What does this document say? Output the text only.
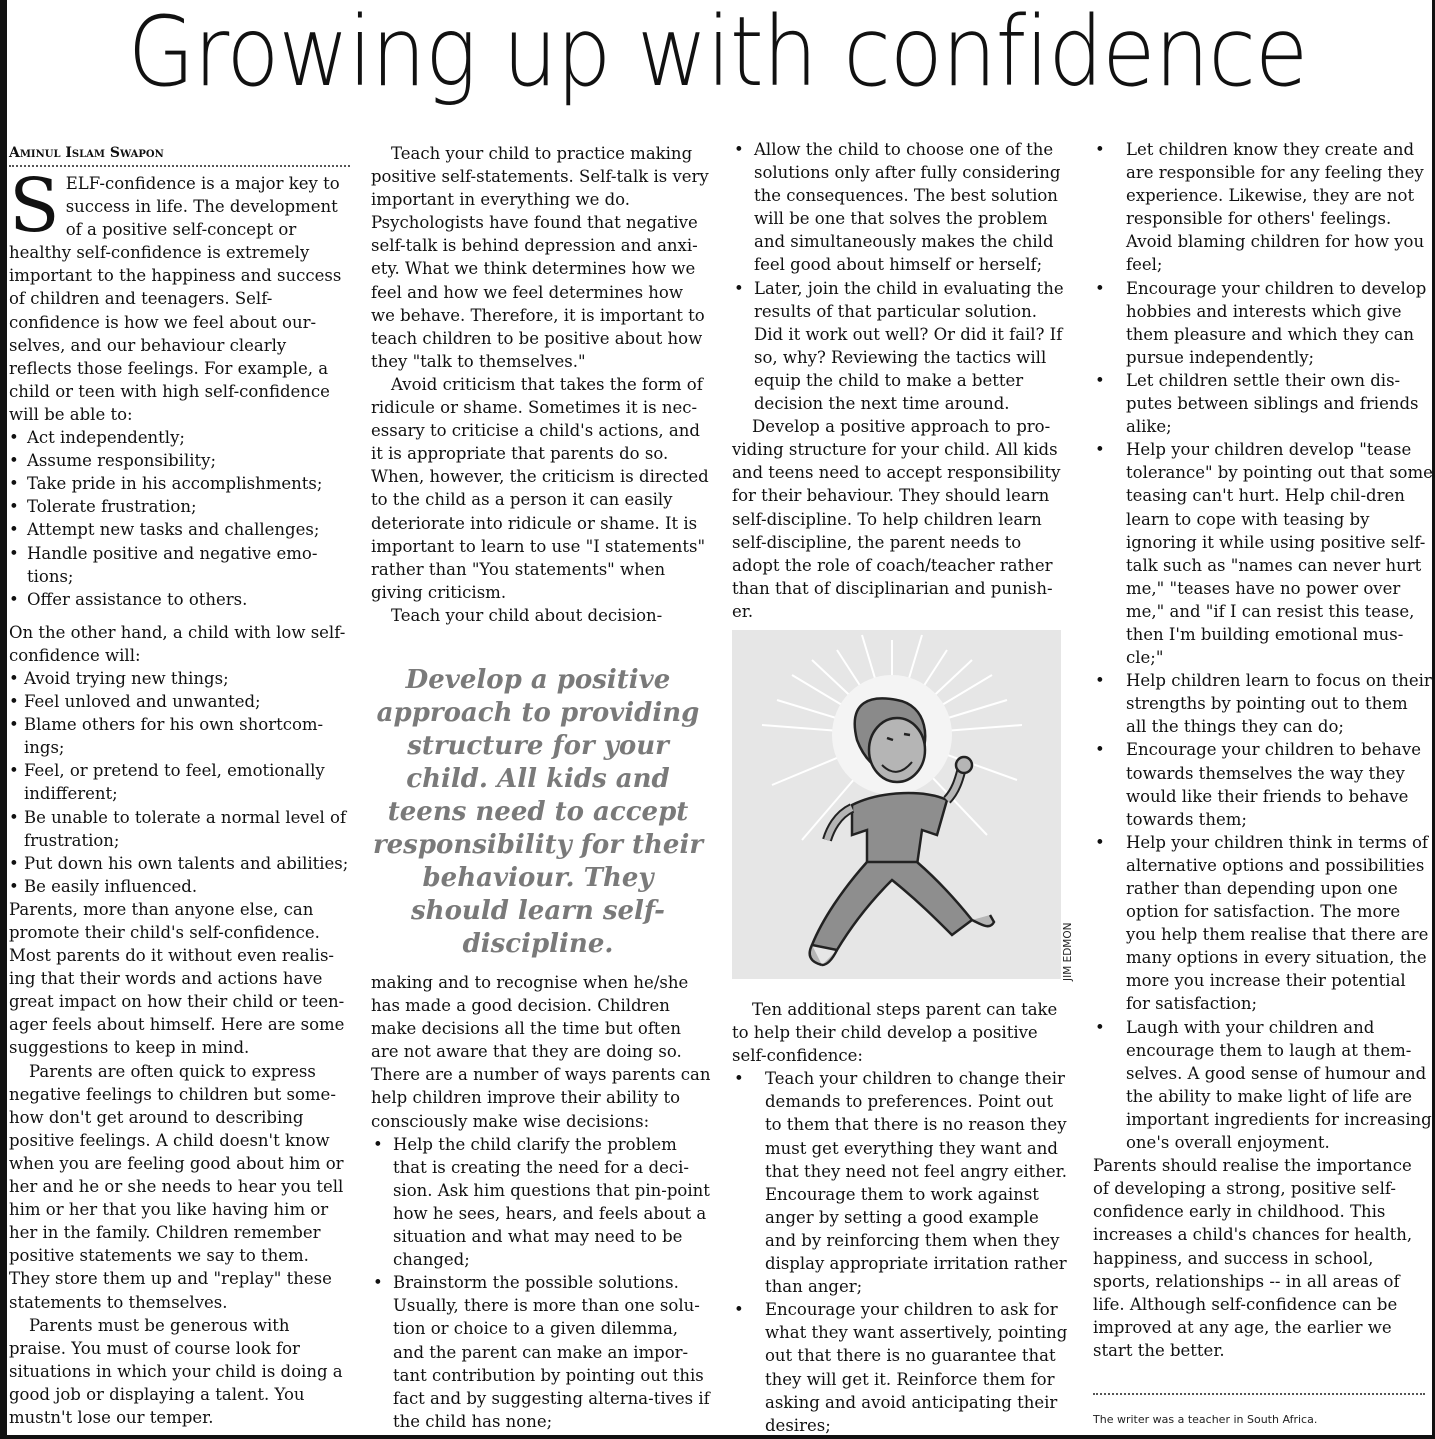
Growing up with confidence
Aminul Islam Swapon

SELF-confidence is a major key to success in life. The development of a positive self-concept or healthy self-confidence is extremely important to the happiness and success of children and teenagers. Self-confidence is how we feel about our-selves, and our behaviour clearly reflects those feelings. For example, a child or teen with high self-confidence will be able to:

• Act independently;
• Assume responsibility;
• Take pride in his accomplishments;
• Tolerate frustration;
• Attempt new tasks and challenges;
• Handle positive and negative emo-tions;
• Offer assistance to others.

On the other hand, a child with low self-confidence will:

• Avoid trying new things;
• Feel unloved and unwanted;
• Blame others for his own shortcom-ings;
• Feel, or pretend to feel, emotionally indifferent;
• Be unable to tolerate a normal level of frustration;
• Put down his own talents and abilities;
• Be easily influenced.

Parents, more than anyone else, can promote their child's self-confidence. Most parents do it without even realis-ing that their words and actions have great impact on how their child or teen-ager feels about himself. Here are some suggestions to keep in mind.

Parents are often quick to express negative feelings to children but some-how don't get around to describing positive feelings. A child doesn't know when you are feeling good about him or her and he or she needs to hear you tell him or her that you like having him or her in the family. Children remember positive statements we say to them. They store them up and "replay" these statements to themselves.

Parents must be generous with praise. You must of course look for situations in which your child is doing a good job or displaying a talent. You mustn't lose our temper.

Teach your child to practice making positive self-statements. Self-talk is very important in everything we do. Psychologists have found that negative self-talk is behind depression and anxi-ety. What we think determines how we feel and how we feel determines how we behave. Therefore, it is important to teach children to be positive about how they "talk to themselves."

Avoid criticism that takes the form of ridicule or shame. Sometimes it is nec-essary to criticise a child's actions, and it is appropriate that parents do so. When, however, the criticism is directed to the child as a person it can easily deteriorate into ridicule or shame. It is important to learn to use "I statements" rather than "You statements" when giving criticism.

Teach your child about decision-

Develop a positive approach to providing structure for your child. All kids and teens need to accept responsibility for their behaviour. They should learn self-discipline.

making and to recognise when he/she has made a good decision. Children make decisions all the time but often are not aware that they are doing so. There are a number of ways parents can help children improve their ability to consciously make wise decisions:

• Help the child clarify the problem that is creating the need for a deci-sion. Ask him questions that pin-point how he sees, hears, and feels about a situation and what may need to be changed;
• Brainstorm the possible solutions. Usually, there is more than one solu-tion or choice to a given dilemma, and the parent can make an impor-tant contribution by pointing out this fact and by suggesting alterna-tives if the child has none;
• Allow the child to choose one of the solutions only after fully considering the consequences. The best solution will be one that solves the problem and simultaneously makes the child feel good about himself or herself;
• Later, join the child in evaluating the results of that particular solution. Did it work out well? Or did it fail? If so, why? Reviewing the tactics will equip the child to make a better decision the next time around.

Develop a positive approach to pro-viding structure for your child. All kids and teens need to accept responsibility for their behaviour. They should learn self-discipline. To help children learn self-discipline, the parent needs to adopt the role of coach/teacher rather than that of disciplinarian and punish-er.

JIM EDMON

Ten additional steps parent can take to help their child develop a positive self-confidence:

• Teach your children to change their demands to preferences. Point out to them that there is no reason they must get everything they want and that they need not feel angry either. Encourage them to work against anger by setting a good example and by reinforcing them when they display appropriate irritation rather than anger;
• Encourage your children to ask for what they want assertively, pointing out that there is no guarantee that they will get it. Reinforce them for asking and avoid anticipating their desires;
• Let children know they create and are responsible for any feeling they experience. Likewise, they are not responsible for others' feelings. Avoid blaming children for how you feel;
• Encourage your children to develop hobbies and interests which give them pleasure and which they can pursue independently;
• Let children settle their own dis-putes between siblings and friends alike;
• Help your children develop "tease tolerance" by pointing out that some teasing can't hurt. Help chil-dren learn to cope with teasing by ignoring it while using positive self-talk such as "names can never hurt me," "teases have no power over me," and "if I can resist this tease, then I'm building emotional mus-cle;"
• Help children learn to focus on their strengths by pointing out to them all the things they can do;
• Encourage your children to behave towards themselves the way they would like their friends to behave towards them;
• Help your children think in terms of alternative options and possibilities rather than depending upon one option for satisfaction. The more you help them realise that there are many options in every situation, the more you increase their potential for satisfaction;
• Laugh with your children and encourage them to laugh at them-selves. A good sense of humour and the ability to make light of life are important ingredients for increasing one's overall enjoyment.

Parents should realise the importance of developing a strong, positive self-confidence early in childhood. This increases a child's chances for health, happiness, and success in school, sports, relationships -- in all areas of life. Although self-confidence can be improved at any age, the earlier we start the better.

The writer was a teacher in South Africa.
